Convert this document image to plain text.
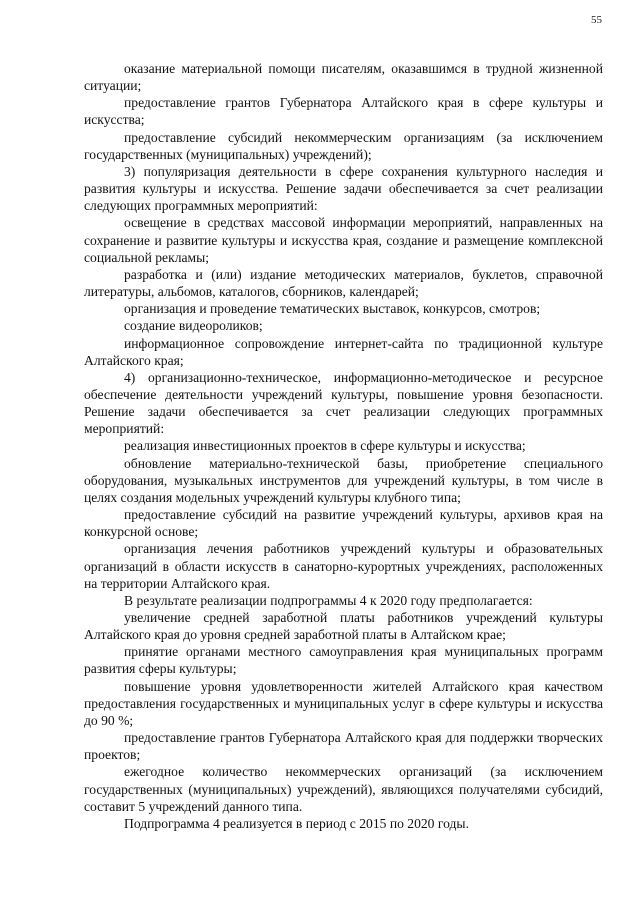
55

оказание материальной помощи писателям, оказавшимся в трудной жизненной ситуации;

предоставление грантов Губернатора Алтайского края в сфере культуры и искусства;

предоставление субсидий некоммерческим организациям (за исключением государственных (муниципальных) учреждений);

3) популяризация деятельности в сфере сохранения культурного наследия и развития культуры и искусства. Решение задачи обеспечивается за счет реализации следующих программных мероприятий:

освещение в средствах массовой информации мероприятий, направленных на сохранение и развитие культуры и искусства края, создание и размещение комплексной социальной рекламы;

разработка и (или) издание методических материалов, буклетов, справочной литературы, альбомов, каталогов, сборников, календарей;

организация и проведение тематических выставок, конкурсов, смотров;

создание видеороликов;

информационное сопровождение интернет-сайта по традиционной культуре Алтайского края;

4) организационно-техническое, информационно-методическое и ресурсное обеспечение деятельности учреждений культуры, повышение уровня безопасности. Решение задачи обеспечивается за счет реализации следующих программных мероприятий:

реализация инвестиционных проектов в сфере культуры и искусства;

обновление материально-технической базы, приобретение специального оборудования, музыкальных инструментов для учреждений культуры, в том числе в целях создания модельных учреждений культуры клубного типа;

предоставление субсидий на развитие учреждений культуры, архивов края на конкурсной основе;

организация лечения работников учреждений культуры и образовательных организаций в области искусств в санаторно-курортных учреждениях, расположенных на территории Алтайского края.

В результате реализации подпрограммы 4 к 2020 году предполагается:

увеличение средней заработной платы работников учреждений культуры Алтайского края до уровня средней заработной платы в Алтайском крае;

принятие органами местного самоуправления края муниципальных программ развития сферы культуры;

повышение уровня удовлетворенности жителей Алтайского края качеством предоставления государственных и муниципальных услуг в сфере культуры и искусства до 90 %;

предоставление грантов Губернатора Алтайского края для поддержки творческих проектов;

ежегодное количество некоммерческих организаций (за исключением государственных (муниципальных) учреждений), являющихся получателями субсидий, составит 5 учреждений данного типа.

Подпрограмма 4 реализуется в период с 2015 по 2020 годы.
